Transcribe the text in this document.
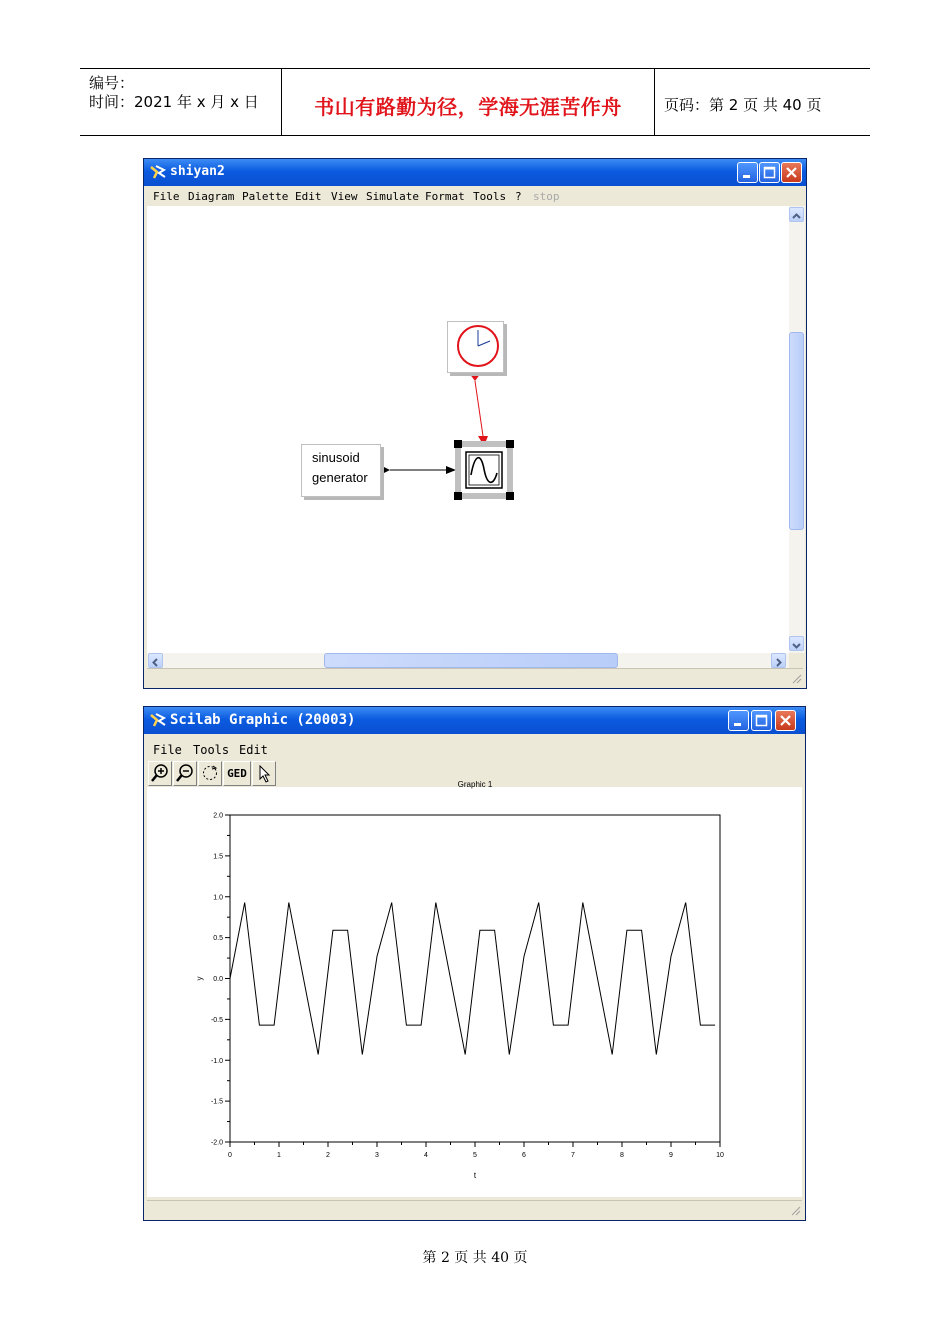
编号：
时间：2021 年 x 月 x 日	书山有路勤为径，学海无涯苦作舟	页码：第 2 页 共 40 页
shiyan2
File Diagram Palette Edit View Simulate Format Tools ? stop
sinusoid
generator
Scilab Graphic (20003)
File Tools Edit
GED
Graphic 1
t
y
0	1	2	3	4	5	6	7	8	9	10
2.0
1.5
1.0
0.5
0.0
-0.5
-1.0
-1.5
-2.0
第 2 页 共 40 页
